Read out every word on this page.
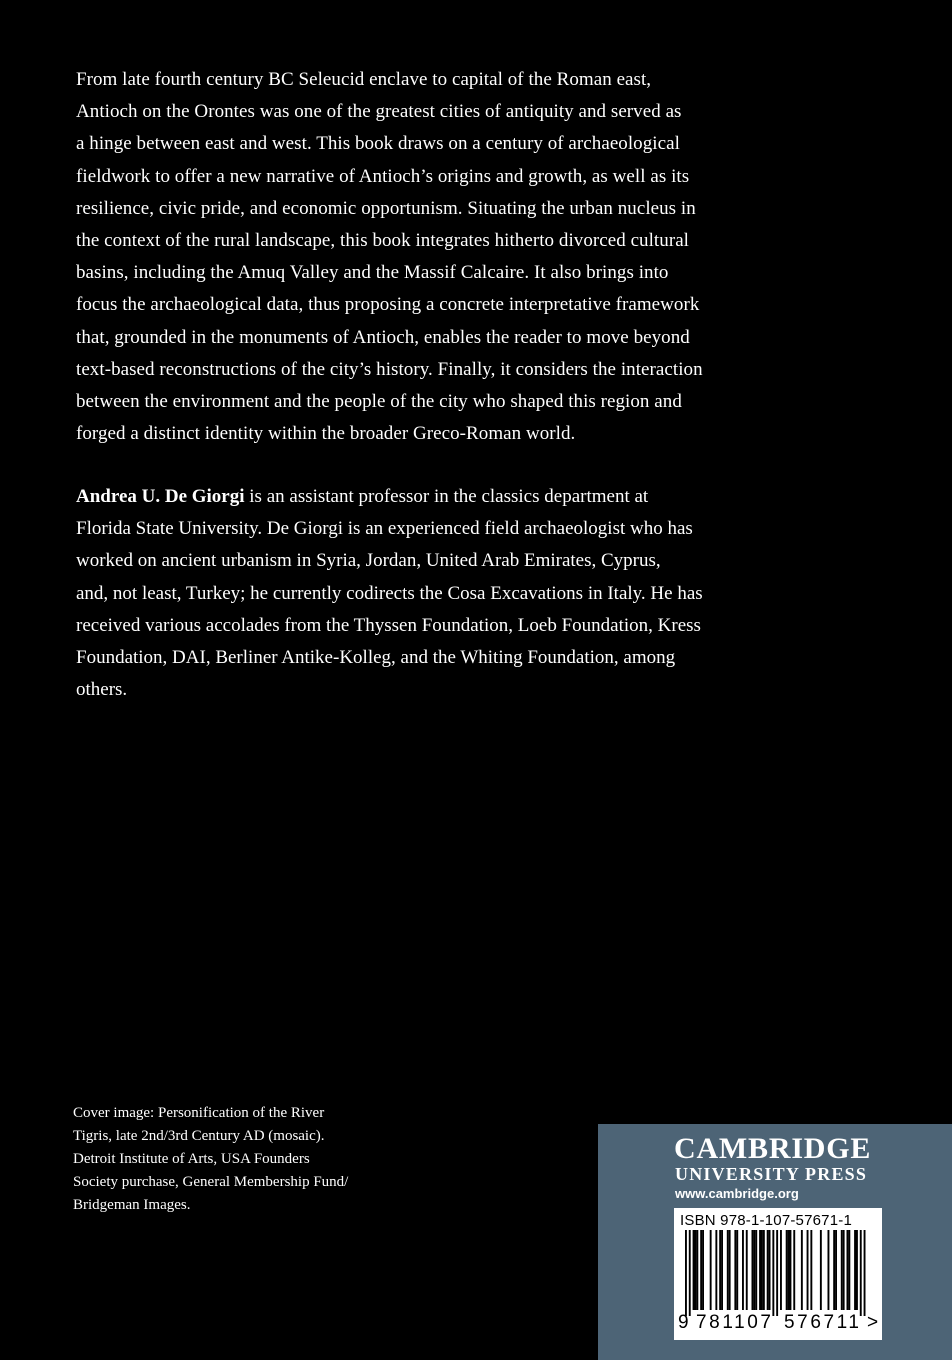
From late fourth century BC Seleucid enclave to capital of the Roman east,
Antioch on the Orontes was one of the greatest cities of antiquity and served as
a hinge between east and west. This book draws on a century of archaeological
fieldwork to offer a new narrative of Antioch’s origins and growth, as well as its
resilience, civic pride, and economic opportunism. Situating the urban nucleus in
the context of the rural landscape, this book integrates hitherto divorced cultural
basins, including the Amuq Valley and the Massif Calcaire. It also brings into
focus the archaeological data, thus proposing a concrete interpretative framework
that, grounded in the monuments of Antioch, enables the reader to move beyond
text-based reconstructions of the city’s history. Finally, it considers the interaction
between the environment and the people of the city who shaped this region and
forged a distinct identity within the broader Greco-Roman world.

Andrea U. De Giorgi is an assistant professor in the classics department at
Florida State University. De Giorgi is an experienced field archaeologist who has
worked on ancient urbanism in Syria, Jordan, United Arab Emirates, Cyprus,
and, not least, Turkey; he currently codirects the Cosa Excavations in Italy. He has
received various accolades from the Thyssen Foundation, Loeb Foundation, Kress
Foundation, DAI, Berliner Antike-Kolleg, and the Whiting Foundation, among
others.
Cover image: Personification of the River
Tigris, late 2nd/3rd Century AD (mosaic).
Detroit Institute of Arts, USA Founders
Society purchase, General Membership Fund/
Bridgeman Images.
CAMBRIDGE
UNIVERSITY PRESS
www.cambridge.org
ISBN 978-1-107-57671-1
9 781107 576711 >
